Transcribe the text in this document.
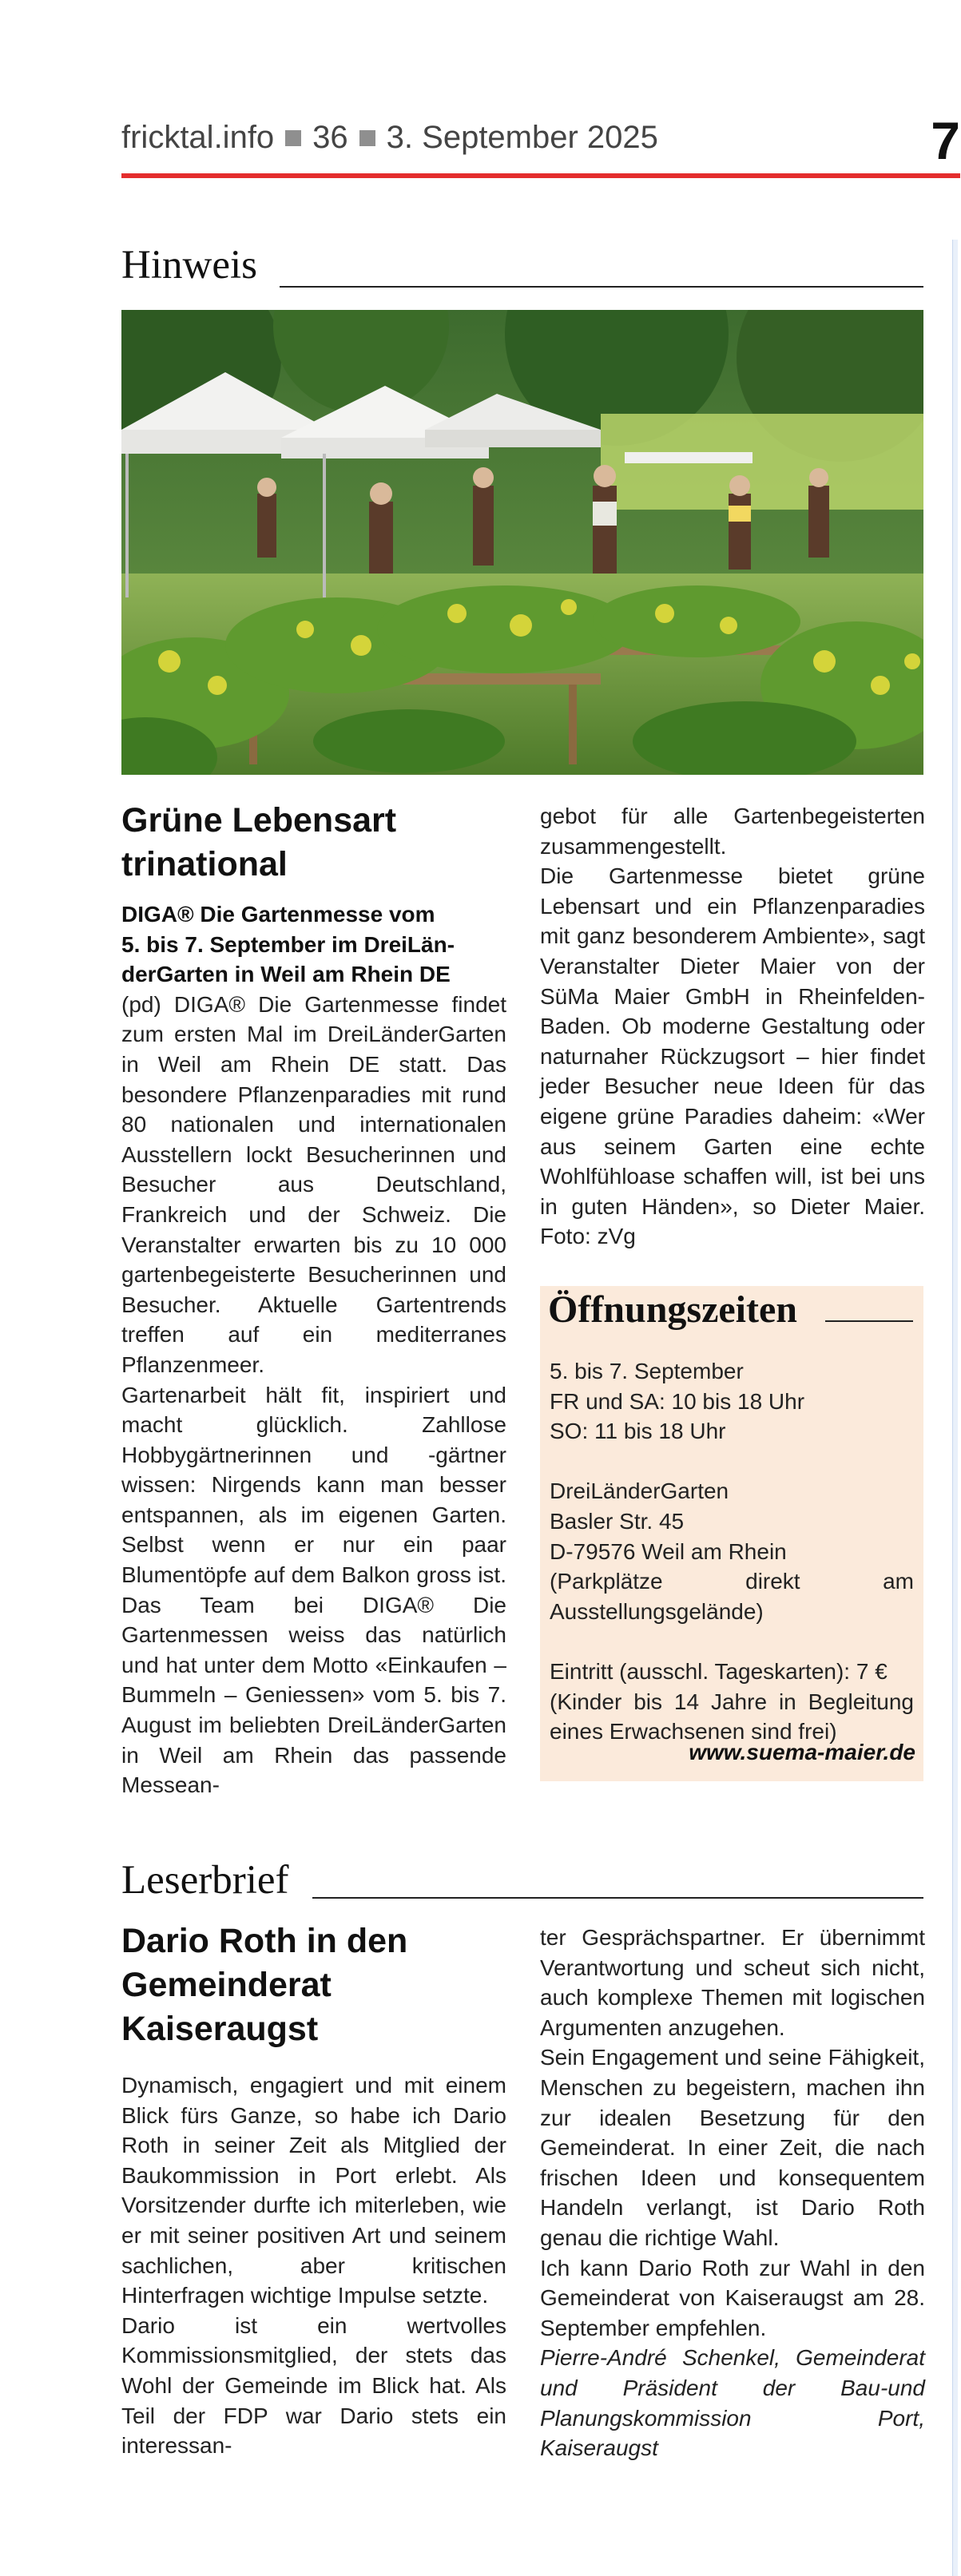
fricktal.info 36 3. September 2025	7
Hinweis
Grüne Lebensart
trinational
DIGA® Die Gartenmesse vom
5. bis 7. September im DreiLän-
derGarten in Weil am Rhein DE

(pd) DIGA® Die Gartenmesse findet zum ersten Mal im DreiLänderGarten in Weil am Rhein DE statt. Das besondere Pflanzenparadies mit rund 80 nationalen und internationalen Ausstellern lockt Besucherinnen und Besucher aus Deutschland, Frankreich und der Schweiz. Die Veranstalter erwarten bis zu 10 000 gartenbegeisterte Besucherinnen und Besucher. Aktuelle Gartentrends treffen auf ein mediterranes Pflanzenmeer.

Gartenarbeit hält fit, inspiriert und macht glücklich. Zahllose Hobbygärtnerinnen und -gärtner wissen: Nirgends kann man besser entspannen, als im eigenen Garten. Selbst wenn er nur ein paar Blumentöpfe auf dem Balkon gross ist. Das Team bei DIGA® Die Gartenmessen weiss das natürlich und hat unter dem Motto «Einkaufen – Bummeln – Geniessen» vom 5. bis 7. August im beliebten DreiLänderGarten in Weil am Rhein das passende Messean-

gebot für alle Gartenbegeisterten zusammengestellt.

Die Gartenmesse bietet grüne Lebensart und ein Pflanzenparadies mit ganz besonderem Ambiente», sagt Veranstalter Dieter Maier von der SüMa Maier GmbH in Rheinfelden-Baden. Ob moderne Gestaltung oder naturnaher Rückzugsort – hier findet jeder Besucher neue Ideen für das eigene grüne Paradies daheim: «Wer aus seinem Garten eine echte Wohlfühloase schaffen will, ist bei uns in guten Händen», so Dieter Maier. Foto: zVg

Öffnungszeiten
5. bis 7. September
FR und SA: 10 bis 18 Uhr
SO: 11 bis 18 Uhr
DreiLänderGarten
Basler Str. 45
D-79576 Weil am Rhein
(Parkplätze direkt am Ausstellungsgelände)
Eintritt (ausschl. Tageskarten): 7 €
(Kinder bis 14 Jahre in Begleitung eines Erwachsenen sind frei)
www.suema-maier.de
Leserbrief
Dario Roth in den
Gemeinderat
Kaiseraugst

Dynamisch, engagiert und mit einem Blick fürs Ganze, so habe ich Dario Roth in seiner Zeit als Mitglied der Baukommission in Port erlebt. Als Vorsitzender durfte ich miterleben, wie er mit seiner positiven Art und seinem sachlichen, aber kritischen Hinterfragen wichtige Impulse setzte.

Dario ist ein wertvolles Kommissionsmitglied, der stets das Wohl der Gemeinde im Blick hat. Als Teil der FDP war Dario stets ein interessan-

ter Gesprächspartner. Er übernimmt Verantwortung und scheut sich nicht, auch komplexe Themen mit logischen Argumenten anzugehen.

Sein Engagement und seine Fähigkeit, Menschen zu begeistern, machen ihn zur idealen Besetzung für den Gemeinderat. In einer Zeit, die nach frischen Ideen und konsequentem Handeln verlangt, ist Dario Roth genau die richtige Wahl.

Ich kann Dario Roth zur Wahl in den Gemeinderat von Kaiseraugst am 28. September empfehlen.

Pierre-André Schenkel, Gemeinderat und Präsident der Bau-und Planungskommission Port, Kaiseraugst
